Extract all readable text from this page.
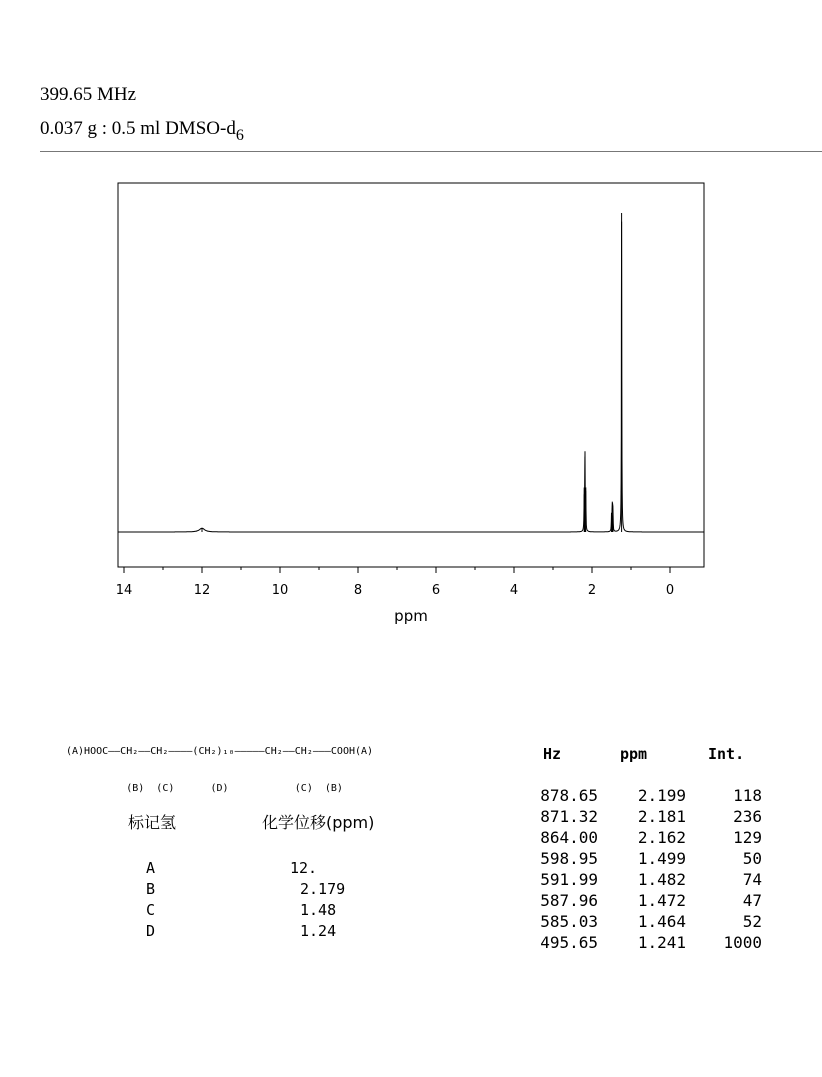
399.65 MHz
0.037 g : 0.5 ml DMSO-$d_6$
14	12	10	8	6	4	2	0
ppm

(A)HOOC——CH₂——CH₂————(CH₂)₁₀—————CH₂——CH₂———COOH(A)

(B)  (C)      (D)           (C)  (B)

标记氢	化学位移(ppm)
A	12.
B	2.179
C	1.48
D	1.24
Hz	ppm	Int.
878.65	2.199	118
871.32	2.181	236
864.00	2.162	129
598.95	1.499	50
591.99	1.482	74
587.96	1.472	47
585.03	1.464	52
495.65	1.241	1000
